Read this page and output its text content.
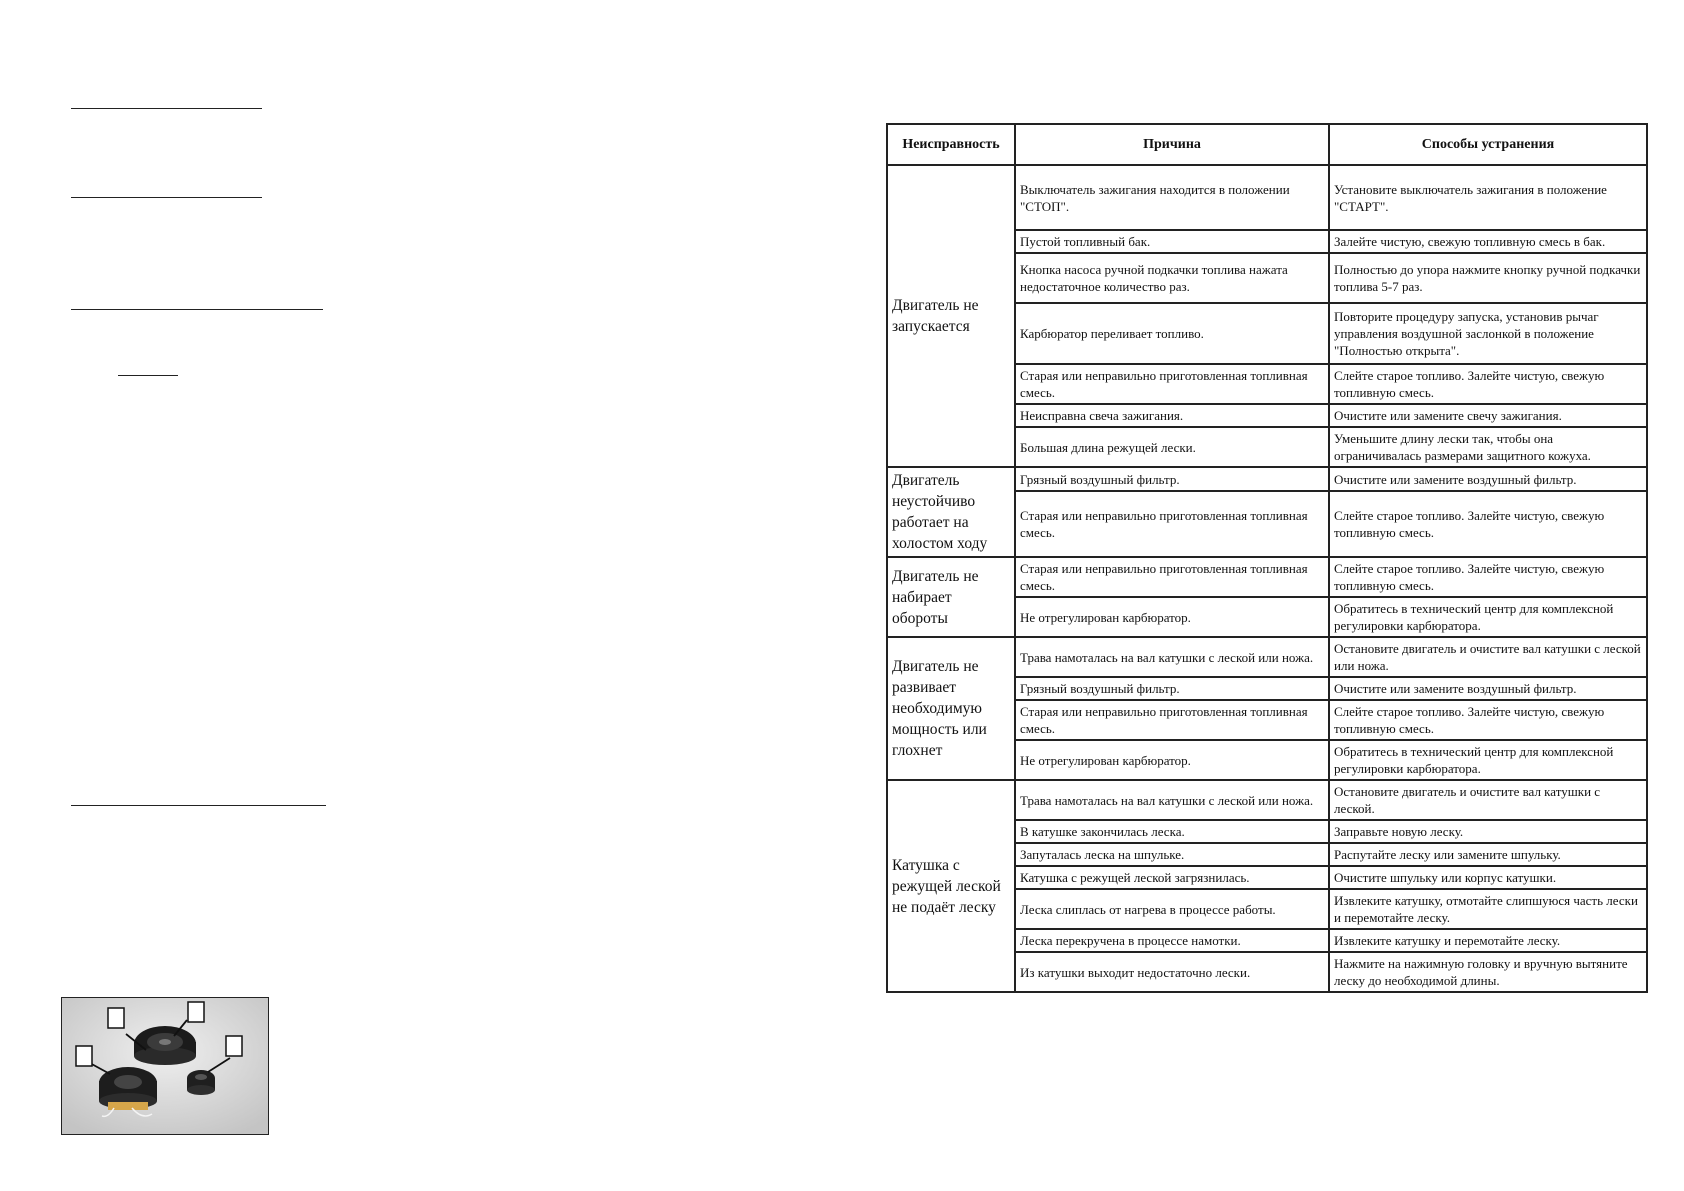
Неисправность	Причина	Способы устранения
Двигатель не запускается	Выключатель зажигания находится в положении "СТОП".	Установите выключатель зажигания в положение "СТАРТ".
	Пустой топливный бак.	Залейте чистую, свежую топливную смесь в бак.
	Кнопка насоса ручной подкачки топлива нажата недостаточное количество раз.	Полностью до упора нажмите кнопку ручной подкачки топлива 5-7 раз.
	Карбюратор переливает топливо.	Повторите процедуру запуска, установив рычаг управления воздушной заслонкой в положение "Полностью открыта".
	Старая или неправильно приготовленная топливная смесь.	Слейте старое топливо. Залейте чистую, свежую топливную смесь.
	Неисправна свеча зажигания.	Очистите или замените свечу зажигания.
	Большая длина режущей лески.	Уменьшите длину лески так, чтобы она ограничивалась размерами защитного кожуха.
Двигатель неустойчиво работает на холостом ходу	Грязный воздушный фильтр.	Очистите или замените воздушный фильтр.
	Старая или неправильно приготовленная топливная смесь.	Слейте старое топливо. Залейте чистую, свежую топливную смесь.
Двигатель не набирает обороты	Старая или неправильно приготовленная топливная смесь.	Слейте старое топливо. Залейте чистую, свежую топливную смесь.
	Не отрегулирован карбюратор.	Обратитесь в технический центр для комплексной регулировки карбюратора.
Двигатель не развивает необходимую мощность или глохнет	Трава намоталась на вал катушки с леской или ножа.	Остановите двигатель и очистите вал катушки с леской или ножа.
	Грязный воздушный фильтр.	Очистите или замените воздушный фильтр.
	Старая или неправильно приготовленная топливная смесь.	Слейте старое топливо. Залейте чистую, свежую топливную смесь.
	Не отрегулирован карбюратор.	Обратитесь в технический центр для комплексной регулировки карбюратора.
Катушка с режущей леской не подаёт леску	Трава намоталась на вал катушки с леской или ножа.	Остановите двигатель и очистите вал катушки с леской.
	В катушке закончилась леска.	Заправьте новую леску.
	Запуталась леска на шпульке.	Распутайте леску или замените шпульку.
	Катушка с режущей леской загрязнилась.	Очистите шпульку или корпус катушки.
	Леска слиплась от нагрева в процессе работы.	Извлеките катушку, отмотайте слипшуюся часть лески и перемотайте леску.
	Леска перекручена в процессе намотки.	Извлеките катушку и перемотайте леску.
	Из катушки выходит недостаточно лески.	Нажмите на нажимную головку и вручную вытяните леску до необходимой длины.
